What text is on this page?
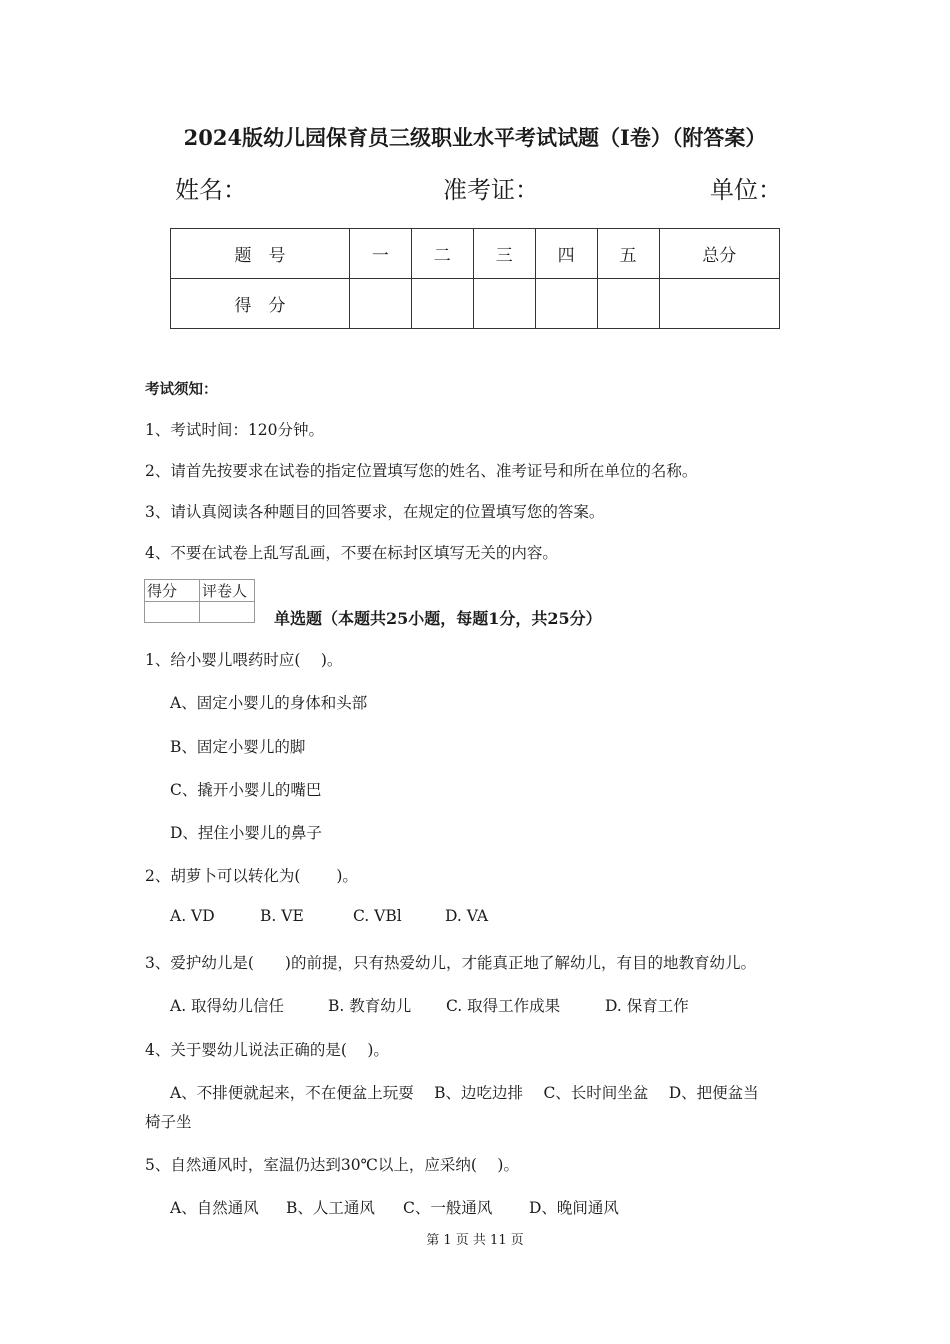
2024版幼儿园保育员三级职业水平考试试题（I卷）（附答案）
姓名：	准考证：	单位：
题　号	一	二	三	四	五	总分
得　分						
考试须知：
1、考试时间：120分钟。
2、请首先按要求在试卷的指定位置填写您的姓名、准考证号和所在单位的名称。
3、请认真阅读各种题目的回答要求，在规定的位置填写您的答案。
4、不要在试卷上乱写乱画，不要在标封区填写无关的内容。
得分	评卷人

单选题（本题共25小题，每题1分，共25分）
1、给小婴儿喂药时应(　 )。
A、固定小婴儿的身体和头部
B、固定小婴儿的脚
C、撬开小婴儿的嘴巴
D、捏住小婴儿的鼻子
2、胡萝卜可以转化为(　 　)。
A. VD	B. VE	C. VBl	D. VA
3、爱护幼儿是(　　)的前提，只有热爱幼儿，才能真正地了解幼儿，有目的地教育幼儿。
A. 取得幼儿信任	B. 教育幼儿 C. 取得工作成果	D. 保育工作
4、关于婴幼儿说法正确的是(　 )。
A、不排便就起来，不在便盆上玩耍　 B、边吃边排　 C、长时间坐盆　 D、把便盆当
椅子坐
5、自然通风时，室温仍达到30℃以上，应采纳(　 )。
A、自然通风 B、人工通风 C、一般通风 D、晚间通风
第 1 页 共 11 页
